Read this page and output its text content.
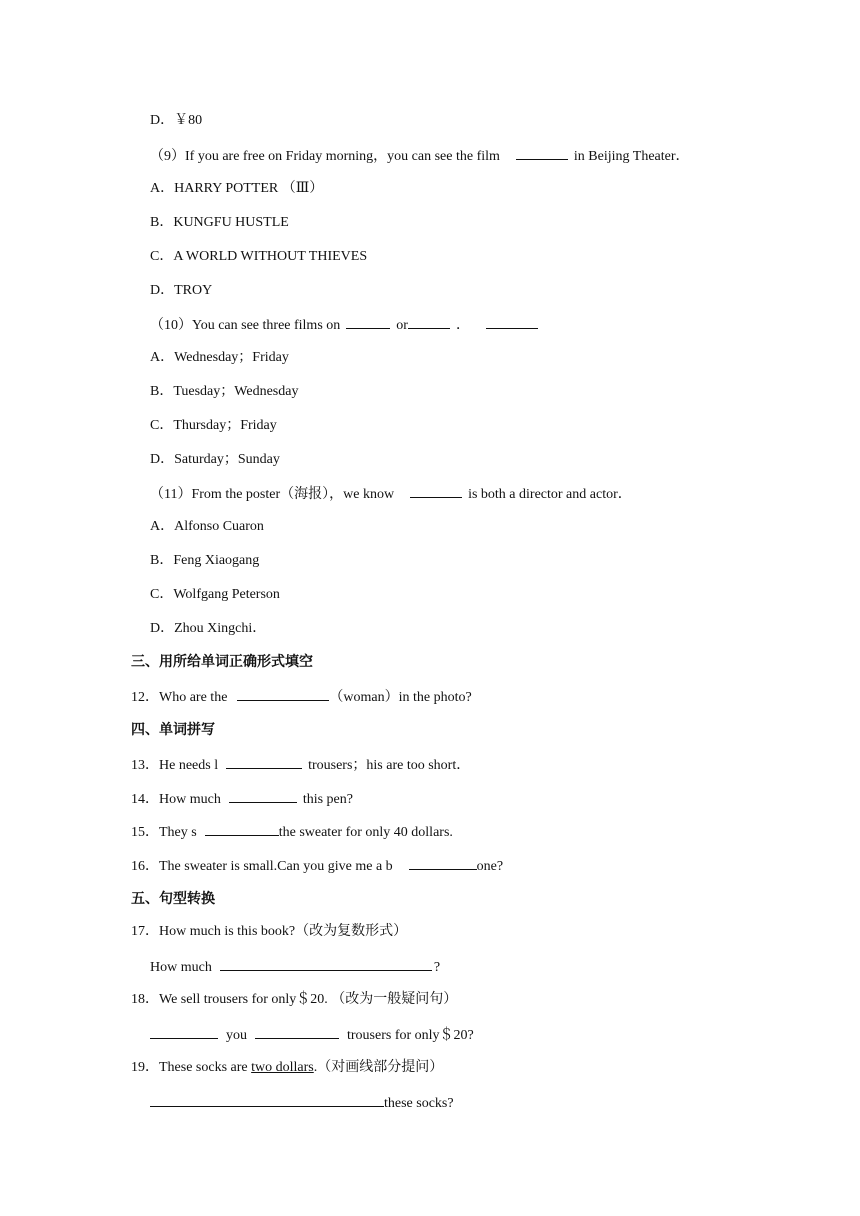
D．￥80
（9）If you are free on Friday morning，you can see the film	in Beijing Theater．
A．HARRY POTTER （Ⅲ）
B．KUNGFU HUSTLE
C．A WORLD WITHOUT THIEVES
D．TROY
（10）You can see three films on	or	．
A．Wednesday；Friday
B．Tuesday；Wednesday
C．Thursday；Friday
D．Saturday；Sunday
（11）From the poster（海报），we know	is both a director and actor．
A．Alfonso Cuaron
B．Feng Xiaogang
C．Wolfgang Peterson
D．Zhou Xingchi．
三、用所给单词正确形式填空
12．Who are the	（woman）in the photo?
四、单词拼写
13．He needs l	trousers；his are too short．
14．How much	this pen?
15．They s	the sweater for only 40 dollars.
16．The sweater is small.Can you give me a b	one?
五、句型转换
17．How much is this book?（改为复数形式）
How much	?
18．We sell trousers for only＄20. （改为一般疑问句）
you	trousers for only＄20?
19．These socks are two dollars.（对画线部分提问）
these socks?
